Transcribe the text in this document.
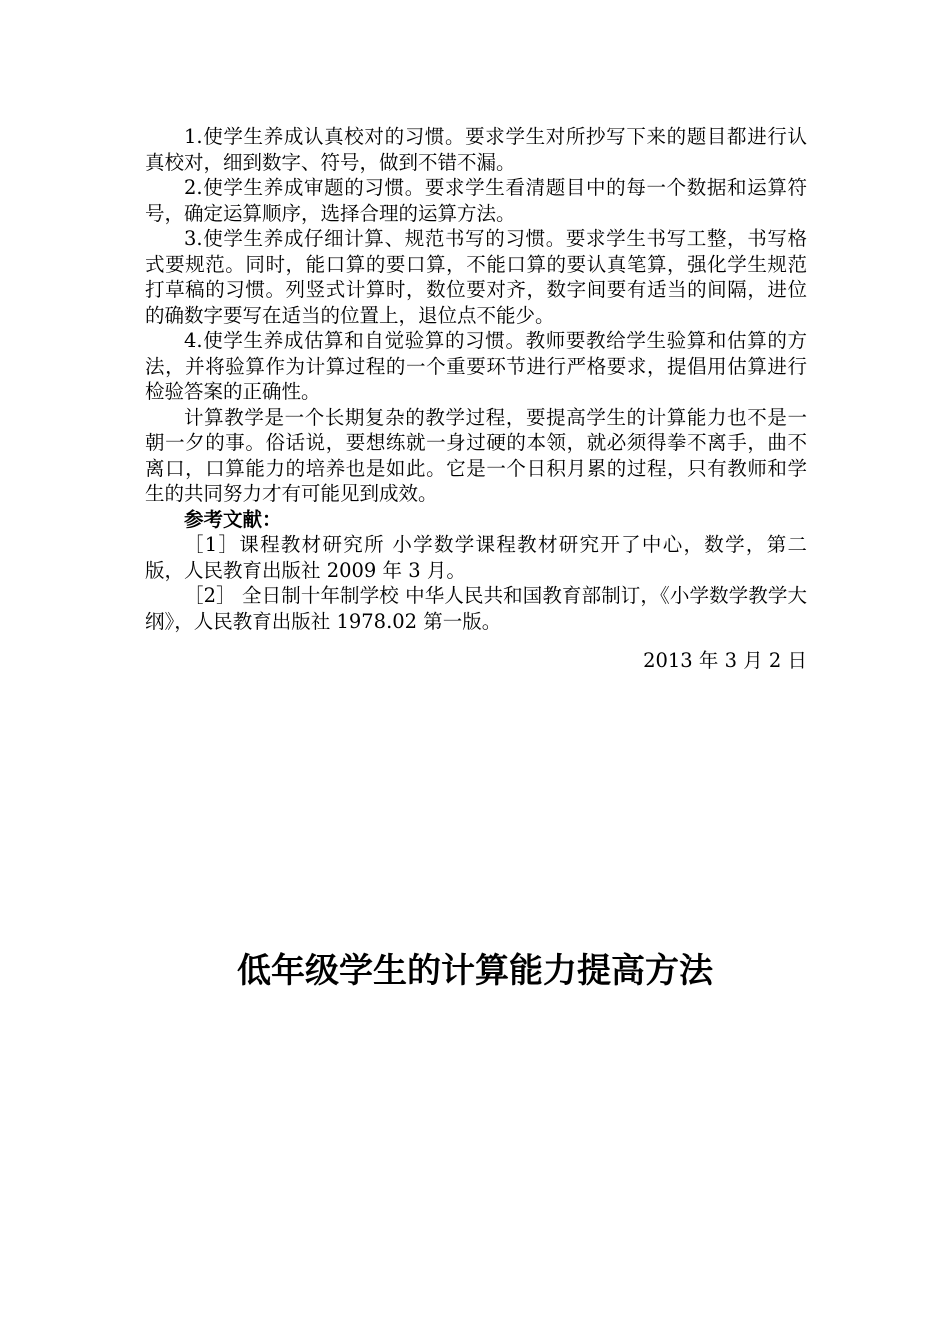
1.使学生养成认真校对的习惯。要求学生对所抄写下来的题目都进行认真校对，细到数字、符号，做到不错不漏。

2.使学生养成审题的习惯。要求学生看清题目中的每一个数据和运算符号，确定运算顺序，选择合理的运算方法。

3.使学生养成仔细计算、规范书写的习惯。要求学生书写工整，书写格式要规范。同时，能口算的要口算，不能口算的要认真笔算，强化学生规范打草稿的习惯。列竖式计算时，数位要对齐，数字间要有适当的间隔，进位的确数字要写在适当的位置上，退位点不能少。

4.使学生养成估算和自觉验算的习惯。教师要教给学生验算和估算的方法，并将验算作为计算过程的一个重要环节进行严格要求，提倡用估算进行检验答案的正确性。

计算教学是一个长期复杂的教学过程，要提高学生的计算能力也不是一朝一夕的事。俗话说，要想练就一身过硬的本领，就必须得拳不离手，曲不离口，口算能力的培养也是如此。它是一个日积月累的过程，只有教师和学生的共同努力才有可能见到成效。

参考文献：

［1］课程教材研究所 小学数学课程教材研究开了中心，数学，第二版，人民教育出版社 2009 年 3 月。

［2］ 全日制十年制学校 中华人民共和国教育部制订，《小学数学教学大纲》，人民教育出版社 1978.02 第一版。

2013 年 3 月 2 日
低年级学生的计算能力提高方法
